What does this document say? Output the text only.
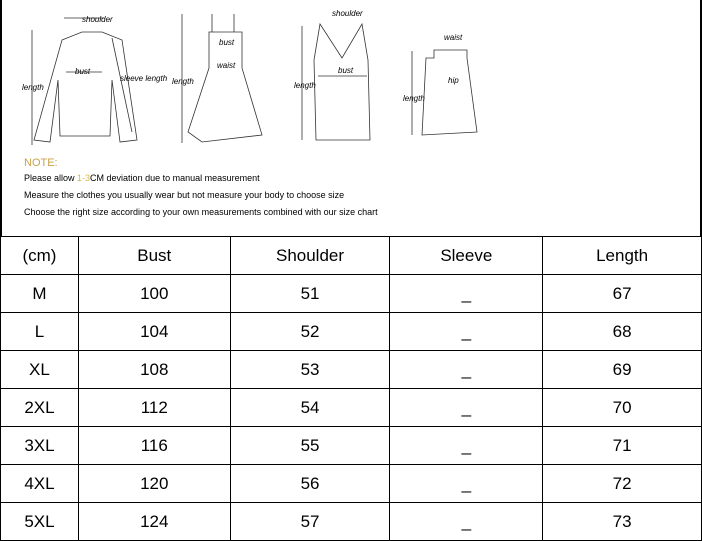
shoulder
bust
length
sleeve length
bust
waist
length
shoulder
bust
length
waist
hip
length
NOTE:
Please allow 1-3CM deviation due to manual measurement
Measure the clothes you usually wear but not measure your body to choose size
Choose the right size according to your own measurements combined with our size chart
(cm)	Bust	Shoulder	Sleeve	Length
M	100	51	_	67
L	104	52	_	68
XL	108	53	_	69
2XL	112	54	_	70
3XL	116	55	_	71
4XL	120	56	_	72
5XL	124	57	_	73
